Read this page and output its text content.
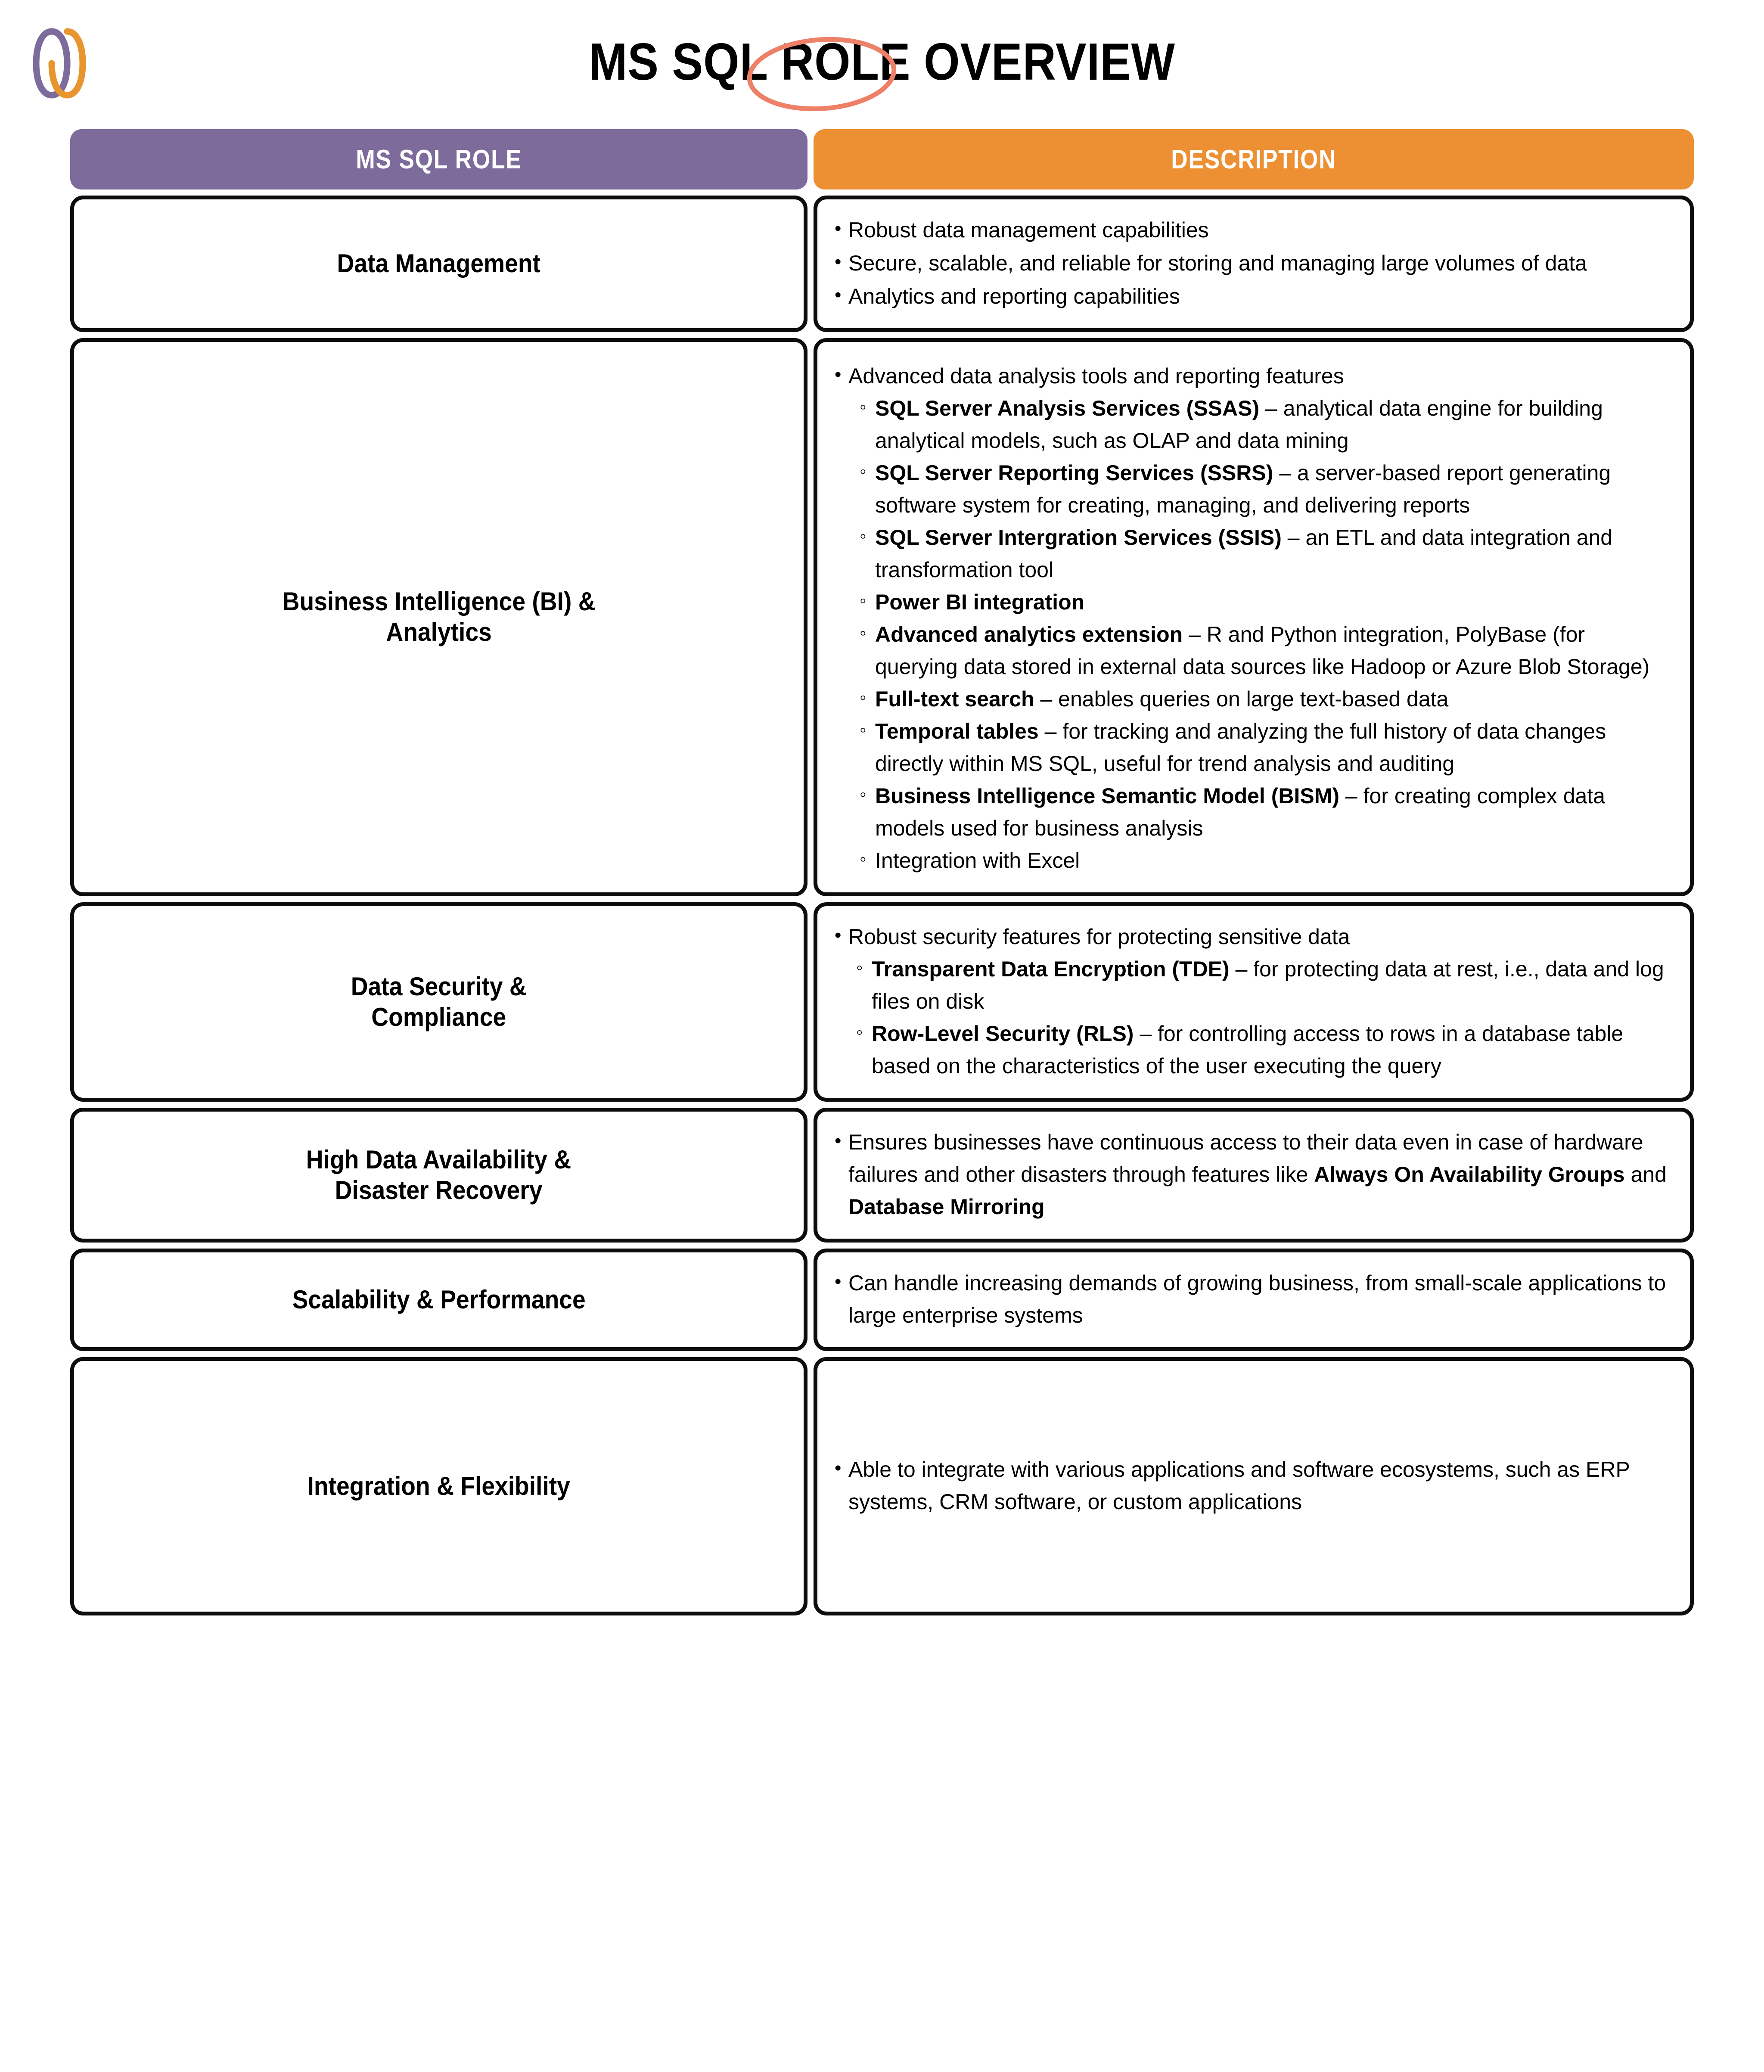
MS SQL ROLE OVERVIEW
MS SQL ROLE	DESCRIPTION
Data Management
• Robust data management capabilities
• Secure, scalable, and reliable for storing and managing large volumes of data
• Analytics and reporting capabilities
Business Intelligence (BI) &
Analytics
• Advanced data analysis tools and reporting features
◦ SQL Server Analysis Services (SSAS) – analytical data engine for building analytical models, such as OLAP and data mining
◦ SQL Server Reporting Services (SSRS) – a server-based report generating software system for creating, managing, and delivering reports
◦ SQL Server Intergration Services (SSIS) – an ETL and data integration and transformation tool
◦ Power BI integration
◦ Advanced analytics extension – R and Python integration, PolyBase (for querying data stored in external data sources like Hadoop or Azure Blob Storage)
◦ Full-text search – enables queries on large text-based data
◦ Temporal tables – for tracking and analyzing the full history of data changes directly within MS SQL, useful for trend analysis and auditing
◦ Business Intelligence Semantic Model (BISM) – for creating complex data models used for business analysis
◦ Integration with Excel
Data Security &
Compliance
• Robust security features for protecting sensitive data
◦ Transparent Data Encryption (TDE) – for protecting data at rest, i.e., data and log files on disk
◦ Row-Level Security (RLS) – for controlling access to rows in a database table based on the characteristics of the user executing the query
High Data Availability &
Disaster Recovery
• Ensures businesses have continuous access to their data even in case of hardware failures and other disasters through features like Always On Availability Groups and Database Mirroring
Scalability & Performance
• Can handle increasing demands of growing business, from small-scale applications to large enterprise systems
Integration & Flexibility
• Able to integrate with various applications and software ecosystems, such as ERP systems, CRM software, or custom applications
